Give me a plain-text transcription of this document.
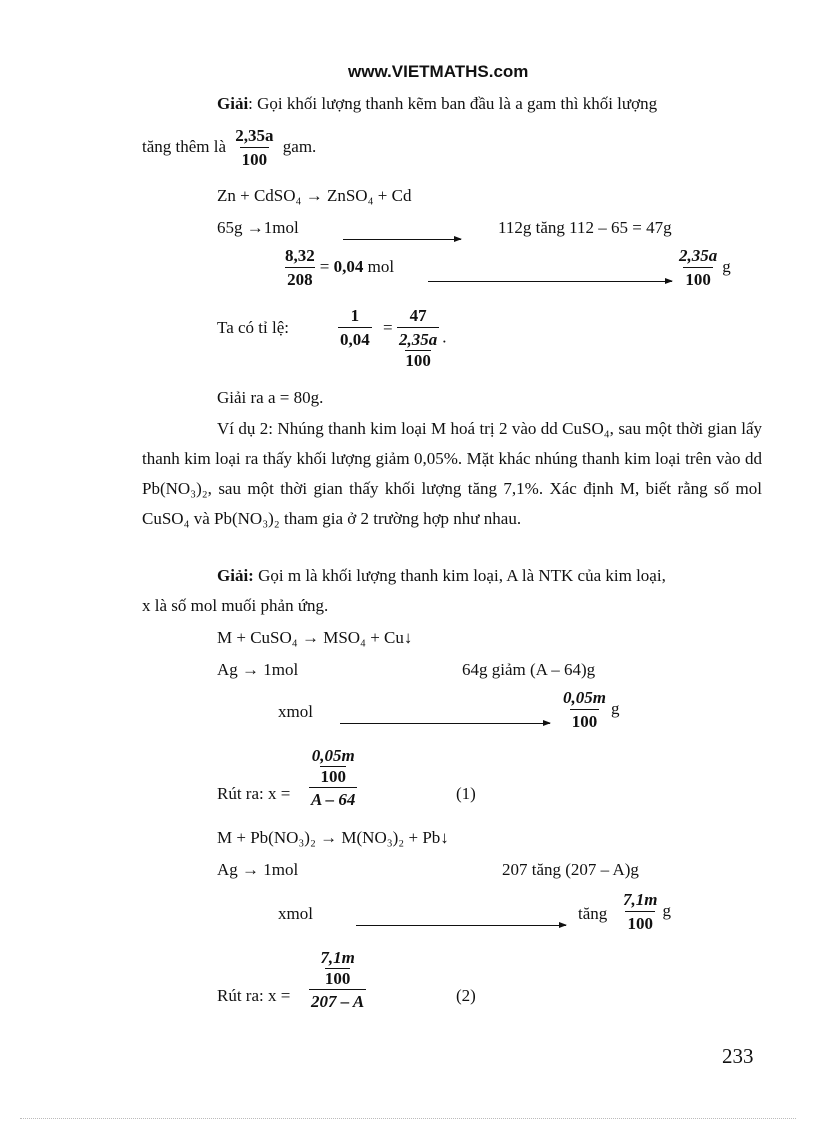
www.VIETMATHS.com
Giải: Gọi khối lượng thanh kẽm ban đầu là a gam thì khối lượng
tăng thêm là $\frac{2,35a}{100}$ gam.
Zn + CdSO₄ → ZnSO₄ + Cd
65g →1mol	112g tăng 112 – 65 = 47g
$\frac{8,32}{208} = 0,04$ mol	$\frac{2,35a}{100}$ g
Ta có tỉ lệ:	$\frac{1}{0,04} = \frac{47}{\frac{2,35a}{100}}$ .
Giải ra a = 80g.
Ví dụ 2: Nhúng thanh kim loại M hoá trị 2 vào dd CuSO₄, sau một thời gian lấy thanh kim loại ra thấy khối lượng giảm 0,05%. Mặt khác nhúng thanh kim loại trên vào dd Pb(NO₃)₂, sau một thời gian thấy khối lượng tăng 7,1%. Xác định M, biết rằng số mol CuSO₄ và Pb(NO₃)₂ tham gia ở 2 trường hợp như nhau.
Giải: Gọi m là khối lượng thanh kim loại, A là NTK của kim loại,
x là số mol muối phản ứng.
M + CuSO₄ → MSO₄ + Cu↓
Ag → 1mol	64g giảm (A – 64)g
xmol	$\frac{0,05m}{100}$ g
Rút ra: x = 0,05m
100
A – 64	(1)
M + Pb(NO₃)₂ → M(NO₃)₂ + Pb↓
Ag → 1mol	207 tăng (207 – A)g
xmol	tăng $\frac{7,1m}{100}$ g
Rút ra: x = 7,1m
100
207 – A	(2)
233
